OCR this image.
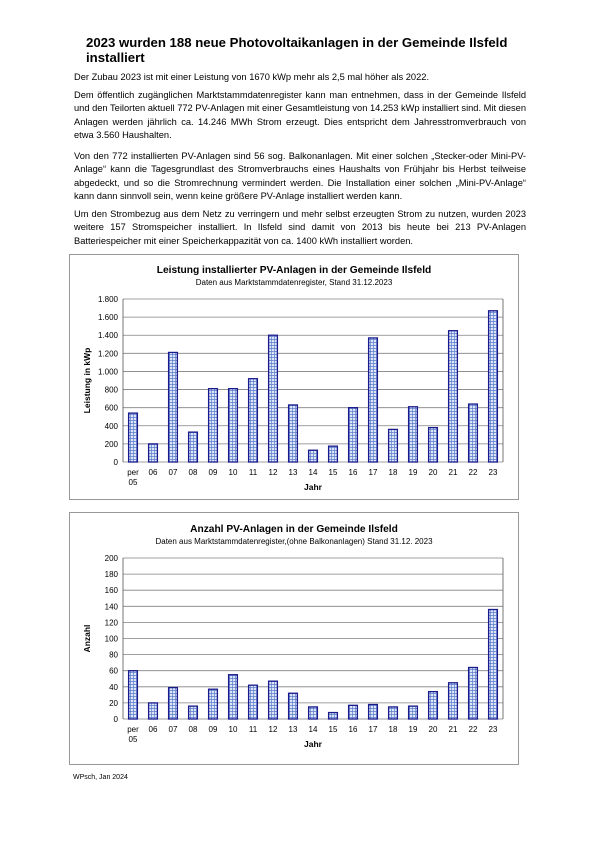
2023 wurden 188 neue Photovoltaikanlagen in der Gemeinde Ilsfeld installiert

Der Zubau 2023 ist mit einer Leistung von 1670 kWp mehr als 2,5 mal höher als 2022.

Dem öffentlich zugänglichen Marktstammdatenregister kann man entnehmen, dass in der Gemeinde Ilsfeld und den Teilorten aktuell 772 PV-Anlagen mit einer Gesamtleistung von 14.253 kWp installiert sind. Mit diesen Anlagen werden jährlich ca. 14.246 MWh Strom erzeugt. Dies entspricht dem Jahresstromverbrauch von etwa 3.560 Haushalten.

Von den 772 installierten PV-Anlagen sind 56 sog. Balkonanlagen. Mit einer solchen „Stecker-oder Mini-PV-Anlage“ kann die Tagesgrundlast des Stromverbrauchs eines Haushalts von Frühjahr bis Herbst teilweise abgedeckt, und so die Stromrechnung vermindert werden. Die Installation einer solchen „Mini-PV-Anlage“ kann dann sinnvoll sein, wenn keine größere PV-Anlage installiert werden kann.

Um den Strombezug aus dem Netz zu verringern und mehr selbst erzeugten Strom zu nutzen, wurden 2023 weitere 157 Stromspeicher installiert. In Ilsfeld sind damit von 2013 bis heute bei 213 PV-Anlagen Batteriespeicher mit einer Speicherkappazität von ca. 1400 kWh installiert worden.

Leistung installierter PV-Anlagen in der Gemeinde Ilsfeld
Daten aus Marktstammdatenregister, Stand 31.12.2023
0
200
400
600
800
1.000
1.200
1.400
1.600
1.800
per 05
06 07 08 09 10 11 12 13 14 15 16 17 18 19 20 21 22 23
Jahr
Leistung in kWp
Anzahl PV-Anlagen in der Gemeinde Ilsfeld
Daten aus Marktstammdatenregister,(ohne Balkonanlagen) Stand 31.12. 2023
0
20
40
60
80
100
120
140
160
180
200
per 05
06 07 08 09 10 11 12 13 14 15 16 17 18 19 20 21 22 23
Jahr
Anzahl
WPsch, Jan 2024
